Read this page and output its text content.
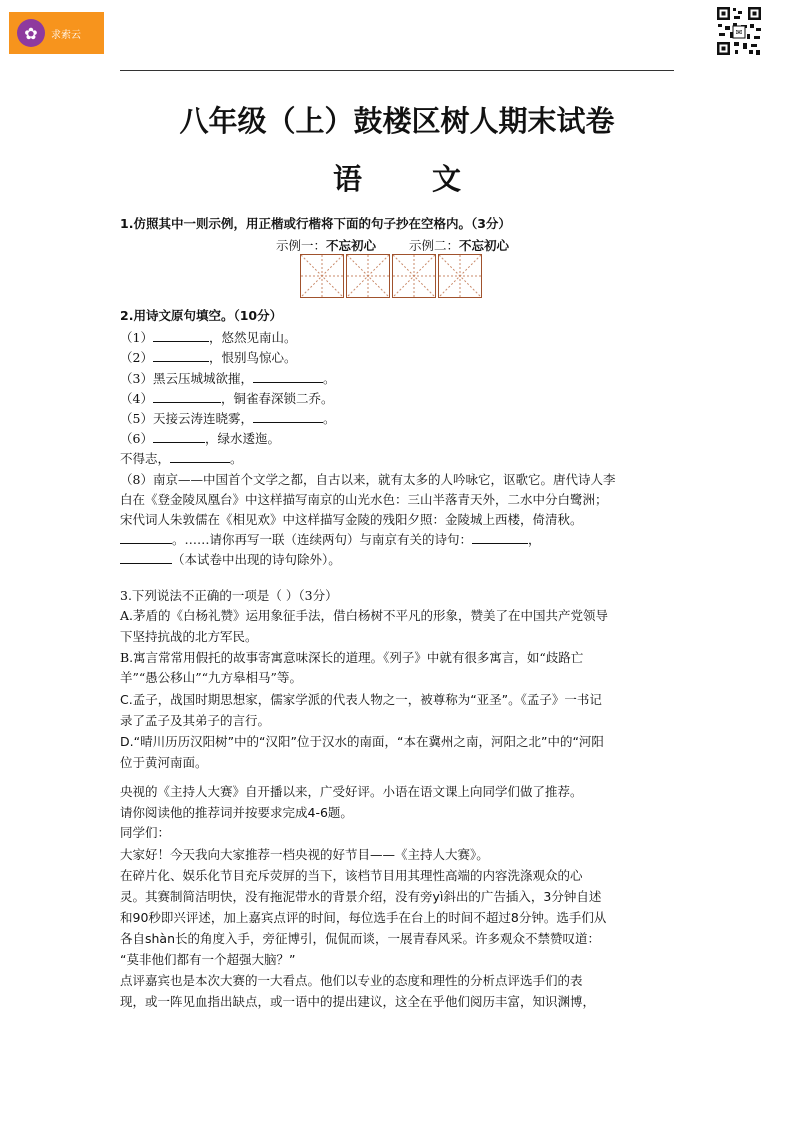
✿	求索云	✉
八年级（上）鼓楼区树人期末试卷
语 文
1.仿照其中一则示例，用正楷或行楷将下面的句子抄在空格内。（3分）
示例一：不忘初心	示例二：不忘初心
2.用诗文原句填空。（10分）
（1）	，悠然见南山。
（2）	，恨别鸟惊心。
（3）黑云压城城欲摧，	。
（4）	，铜雀春深锁二乔。
（5）天接云涛连晓雾，	。
（6）	，绿水逶迤。
不得志，	。
（8）南京——中国首个文学之都，自古以来，就有太多的人吟咏它，讴歌它。唐代诗人李
白在《登金陵凤凰台》中这样描写南京的山光水色：三山半落青天外，二水中分白鹭洲；
宋代词人朱敦儒在《相见欢》中这样描写金陵的残阳夕照：金陵城上西楼，倚清秋。
。……请你再写一联（连续两句）与南京有关的诗句：	，
（本试卷中出现的诗句除外）。
3.下列说法不正确的一项是（ ）（3分）
A.茅盾的《白杨礼赞》运用象征手法，借白杨树不平凡的形象，赞美了在中国共产党领导
下坚持抗战的北方军民。
B.寓言常常用假托的故事寄寓意味深长的道理。《列子》中就有很多寓言，如“歧路亡
羊”“愚公移山”“九方皋相马”等。
C.孟子，战国时期思想家，儒家学派的代表人物之一，被尊称为“亚圣”。《孟子》一书记
录了孟子及其弟子的言行。
D.“晴川历历汉阳树”中的“汉阳”位于汉水的南面，“本在冀州之南，河阳之北”中的“河阳
位于黄河南面。
央视的《主持人大赛》自开播以来，广受好评。小语在语文课上向同学们做了推荐。
请你阅读他的推荐词并按要求完成4-6题。
同学们：
大家好！今天我向大家推荐一档央视的好节目——《主持人大赛》。
在碎片化、娱乐化节目充斥荧屏的当下，该档节目用其理性高端的内容洗涤观众的心
灵。其赛制简洁明快，没有拖泥带水的背景介绍，没有旁yì斜出的广告插入，3分钟自述
和90秒即兴评述，加上嘉宾点评的时间，每位选手在台上的时间不超过8分钟。选手们从
各自shàn长的角度入手，旁征博引，侃侃而谈，一展青春风采。许多观众不禁赞叹道：
“莫非他们都有一个超强大脑？”
点评嘉宾也是本次大赛的一大看点。他们以专业的态度和理性的分析点评选手们的表
现，或一阵见血指出缺点，或一语中的提出建议，这全在乎他们阅历丰富，知识渊博，
